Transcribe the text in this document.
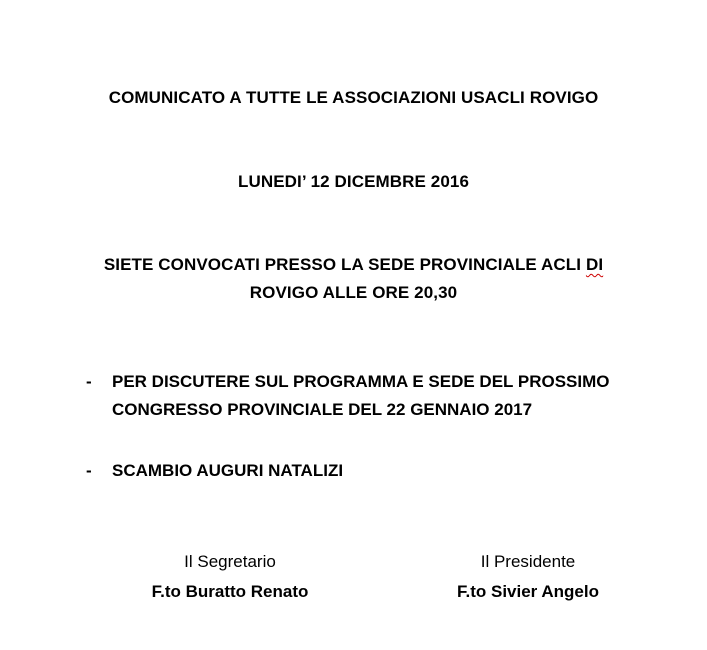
COMUNICATO A TUTTE LE ASSOCIAZIONI USACLI ROVIGO
LUNEDI’ 12 DICEMBRE 2016
SIETE CONVOCATI PRESSO LA SEDE PROVINCIALE ACLI DI
ROVIGO ALLE ORE 20,30
- PER DISCUTERE SUL PROGRAMMA E SEDE DEL PROSSIMO
CONGRESSO PROVINCIALE DEL 22 GENNAIO 2017
- SCAMBIO AUGURI NATALIZI
Il Segretario
F.to Buratto Renato
Il Presidente
F.to Sivier Angelo
